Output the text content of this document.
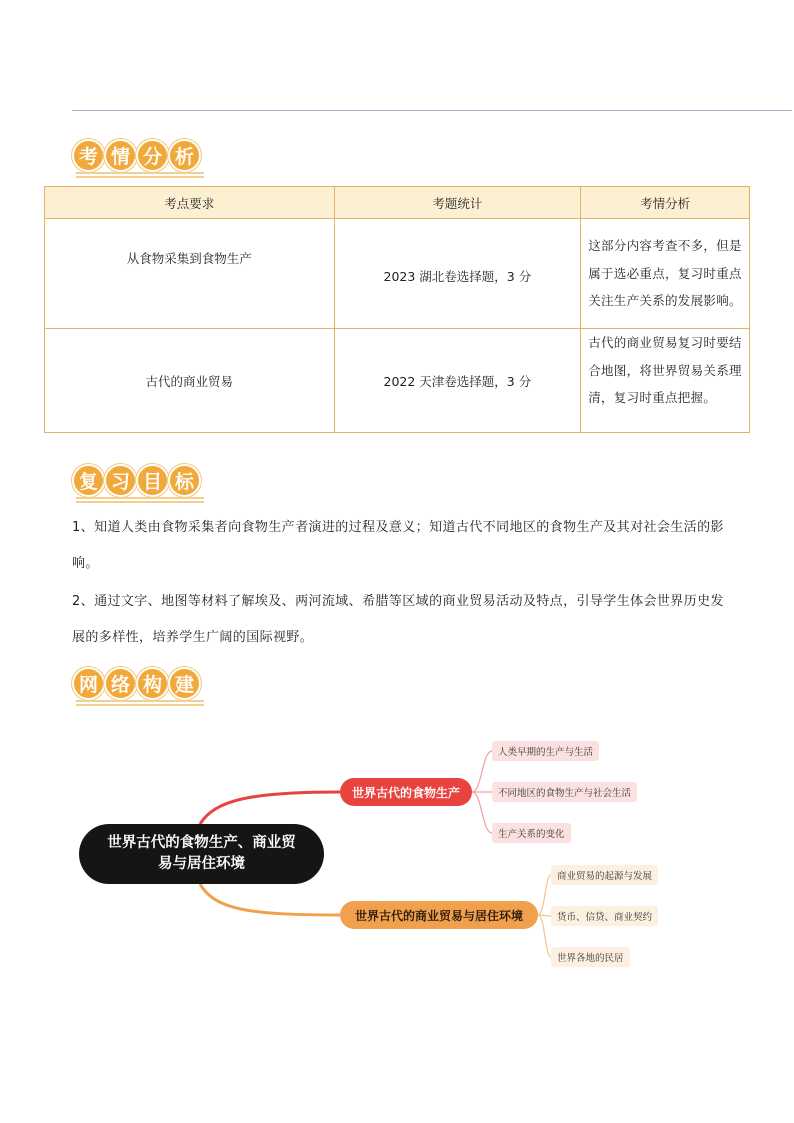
考 情 分 析
考点要求	考题统计	考情分析
从食物采集到食物生产	2023 湖北卷选择题，3 分	这部分内容考查不多，但是属于选必重点，复习时重点关注生产关系的发展影响。
古代的商业贸易	2022 天津卷选择题，3 分	古代的商业贸易复习时要结合地图，将世界贸易关系理清，复习时重点把握。
复 习 目 标

1、知道人类由食物采集者向食物生产者演进的过程及意义；知道古代不同地区的食物生产及其对社会生活的影响。

2、通过文字、地图等材料了解埃及、两河流域、希腊等区域的商业贸易活动及特点，引导学生体会世界历史发展的多样性，培养学生广阔的国际视野。

网 络 构 建
世界古代的食物生产、商业贸易与居住环境
世界古代的食物生产
世界古代的商业贸易与居住环境
人类早期的生产与生活
不同地区的食物生产与社会生活
生产关系的变化
商业贸易的起源与发展
货币、信贷、商业契约
世界各地的民居
